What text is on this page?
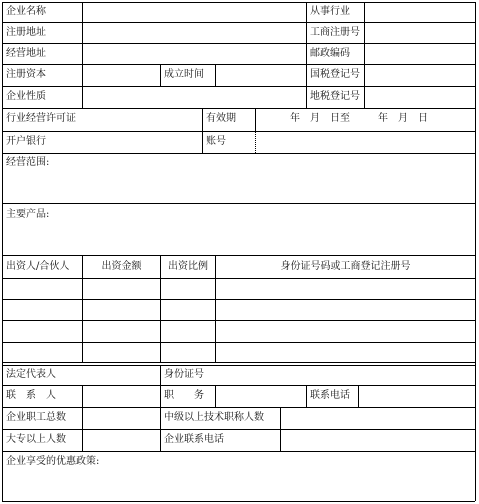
企业名称	从事行业
注册地址	工商注册号
经营地址	邮政编码
注册资本	成立时间	国税登记号
企业性质	地税登记号
行业经营许可证	有效期	年　月　日至	年　月　日
开户银行	账号
经营范围:
主要产品:
出资人/合伙人	出资金额	出资比例	身份证号码或工商登记注册号
法定代表人	身份证号
联　系　人	职　　务	联系电话
企业职工总数	中级以上技术职称人数
大专以上人数	企业联系电话
企业享受的优惠政策:
